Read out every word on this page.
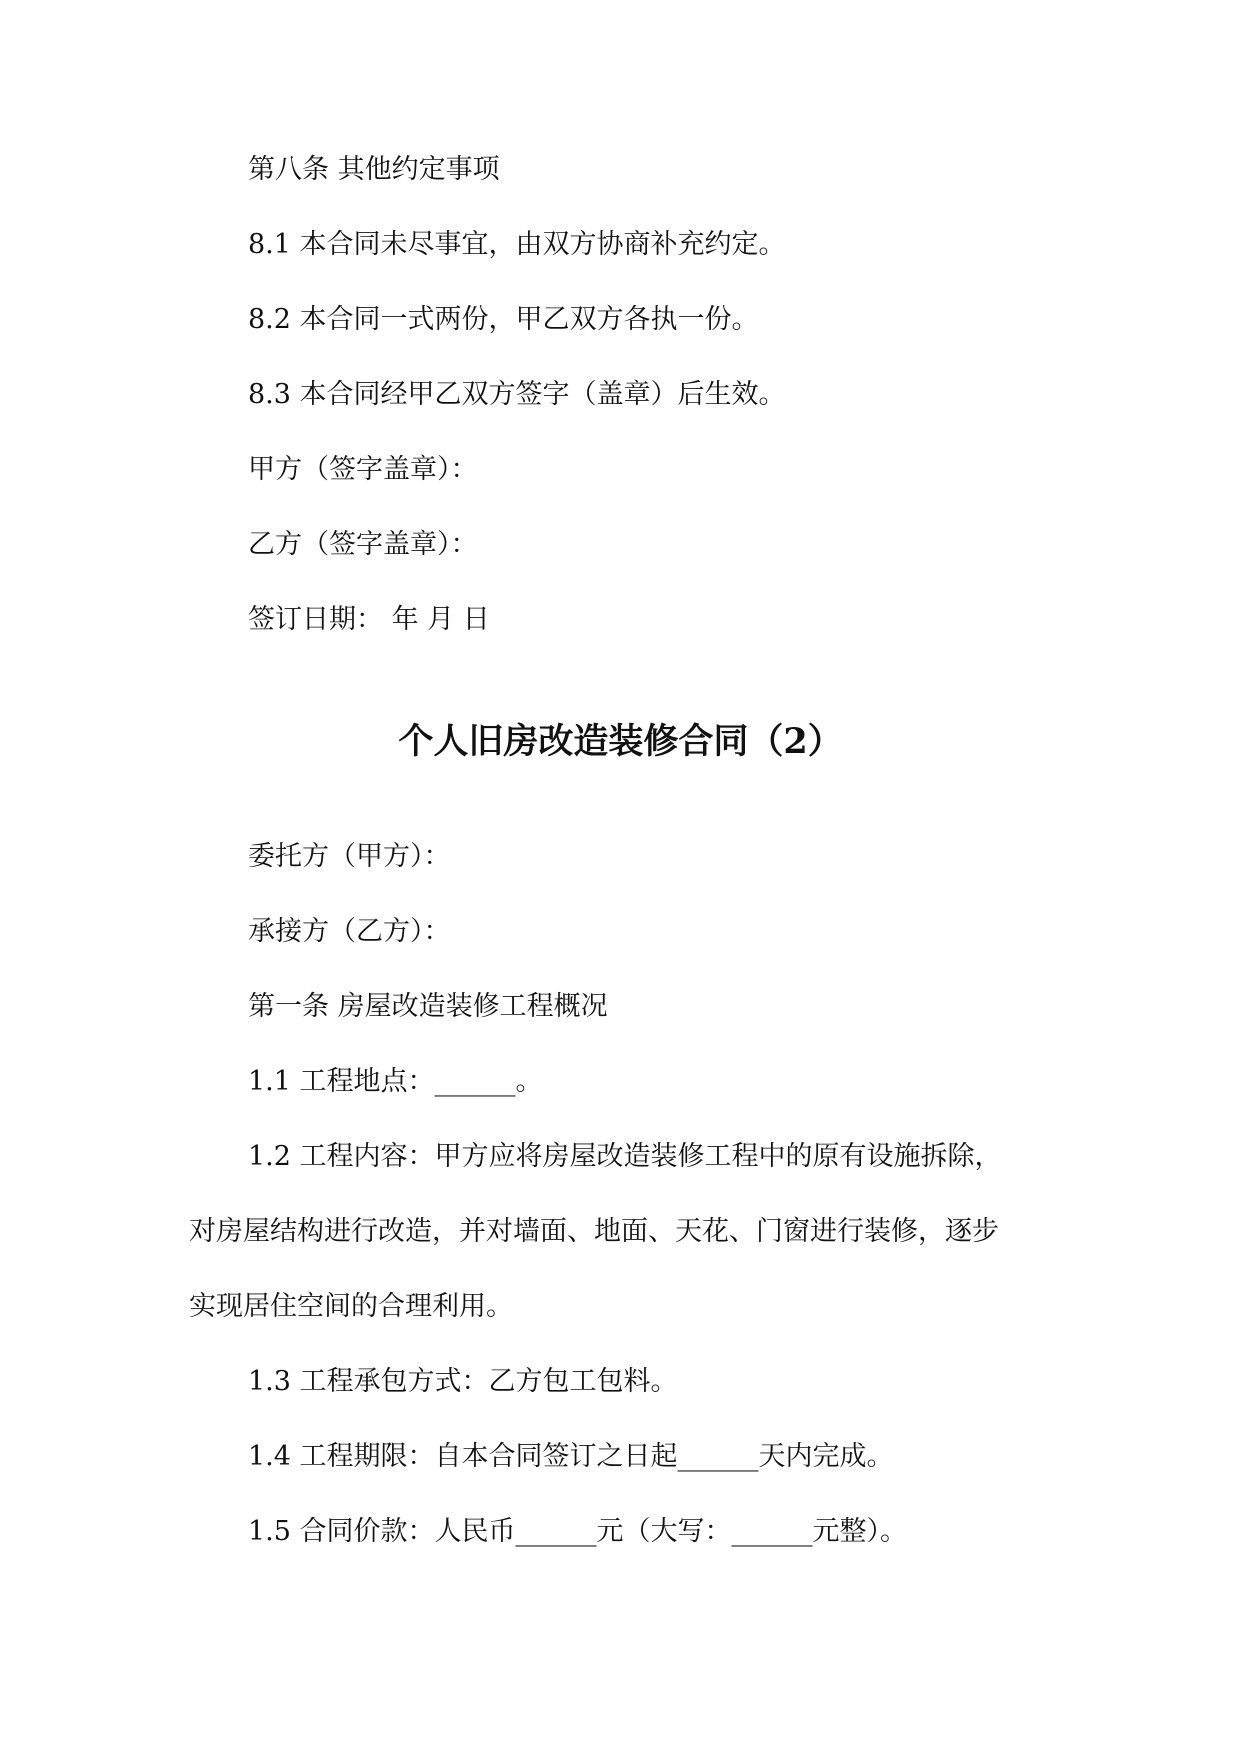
第八条 其他约定事项
8.1 本合同未尽事宜，由双方协商补充约定。
8.2 本合同一式两份，甲乙双方各执一份。
8.3 本合同经甲乙双方签字（盖章）后生效。
甲方（签字盖章）：
乙方（签字盖章）：
签订日期： 年 月 日
个人旧房改造装修合同（2）
委托方（甲方）：
承接方（乙方）：
第一条 房屋改造装修工程概况
1.1 工程地点：______。
1.2 工程内容：甲方应将房屋改造装修工程中的原有设施拆除，
对房屋结构进行改造，并对墙面、地面、天花、门窗进行装修，逐步
实现居住空间的合理利用。
1.3 工程承包方式：乙方包工包料。
1.4 工程期限：自本合同签订之日起______天内完成。
1.5 合同价款：人民币______元（大写：______元整）。
